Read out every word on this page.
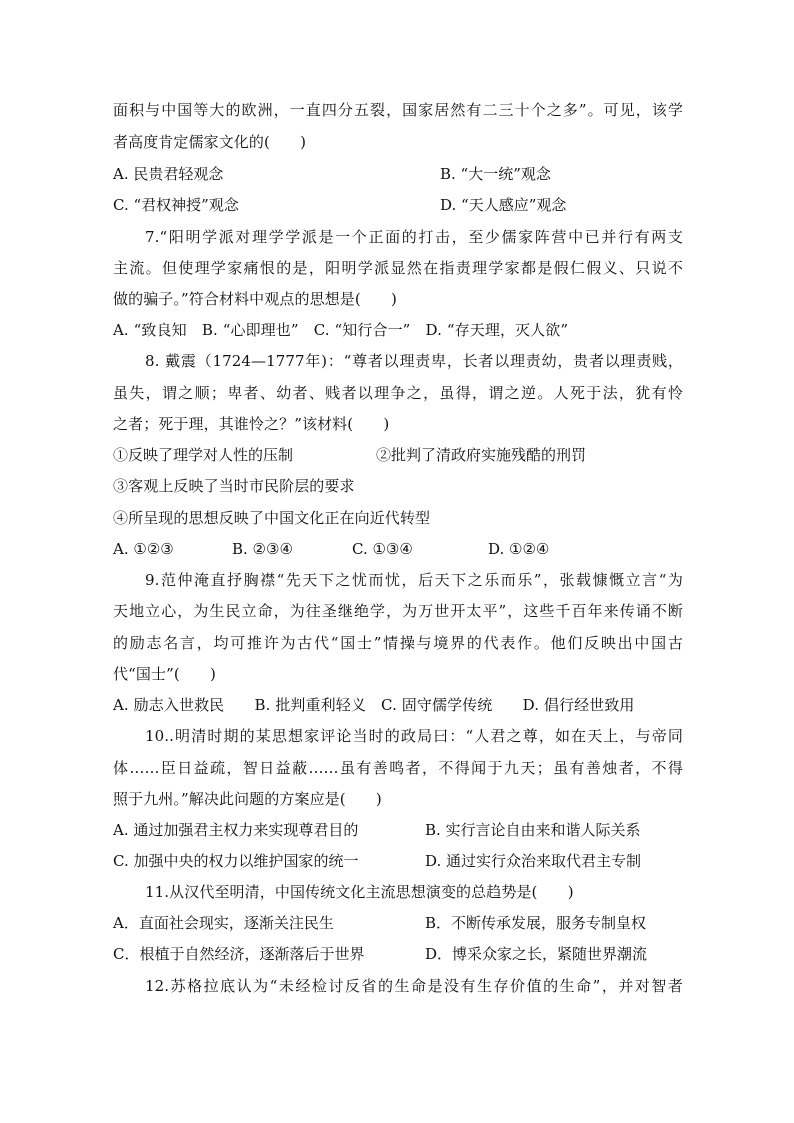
面积与中国等大的欧洲，一直四分五裂，国家居然有二三十个之多”。可见，该学
者高度肯定儒家文化的(　　)
A. 民贵君轻观念	B. “大一统”观念
C. “君权神授”观念	D. “天人感应”观念
7.“阳明学派对理学学派是一个正面的打击，至少儒家阵营中已并行有两支
主流。但使理学家痛恨的是，阳明学派显然在指责理学家都是假仁假义、只说不
做的骗子。”符合材料中观点的思想是(　　)
A. “致良知　B. “心即理也”　C. “知行合一”　D. “存天理，灭人欲”
8. 戴震（1724—1777年)：“尊者以理责卑，长者以理责幼，贵者以理责贱，
虽失，谓之顺；卑者、幼者、贱者以理争之，虽得，谓之逆。人死于法，犹有怜
之者；死于理，其谁怜之？”该材料(　　)
①反映了理学对人性的压制	②批判了清政府实施残酷的刑罚
③客观上反映了当时市民阶层的要求
④所呈现的思想反映了中国文化正在向近代转型
A. ①②③	B. ②③④	C. ①③④	D. ①②④
9.范仲淹直抒胸襟“先天下之忧而忧，后天下之乐而乐”，张载慷慨立言“为
天地立心，为生民立命，为往圣继绝学，为万世开太平”，这些千百年来传诵不断
的励志名言，均可推许为古代“国士”情操与境界的代表作。他们反映出中国古
代“国士”(　　)
A. 励志入世救民　　B. 批判重利轻义　C. 固守儒学传统　　D. 倡行经世致用
10..明清时期的某思想家评论当时的政局曰：“人君之尊，如在天上，与帝同
体……臣日益疏，智日益蔽……虽有善鸣者，不得闻于九天；虽有善烛者，不得
照于九州。”解决此问题的方案应是(　　)
A. 通过加强君主权力来实现尊君目的	B. 实行言论自由来和谐人际关系
C. 加强中央的权力以维护国家的统一	D. 通过实行众治来取代君主专制
11.从汉代至明清，中国传统文化主流思想演变的总趋势是(　　)
A．直面社会现实，逐渐关注民生	B．不断传承发展，服务专制皇权
C．根植于自然经济，逐渐落后于世界	D．博采众家之长，紧随世界潮流
12.苏格拉底认为“未经检讨反省的生命是没有生存价值的生命”，并对智者
